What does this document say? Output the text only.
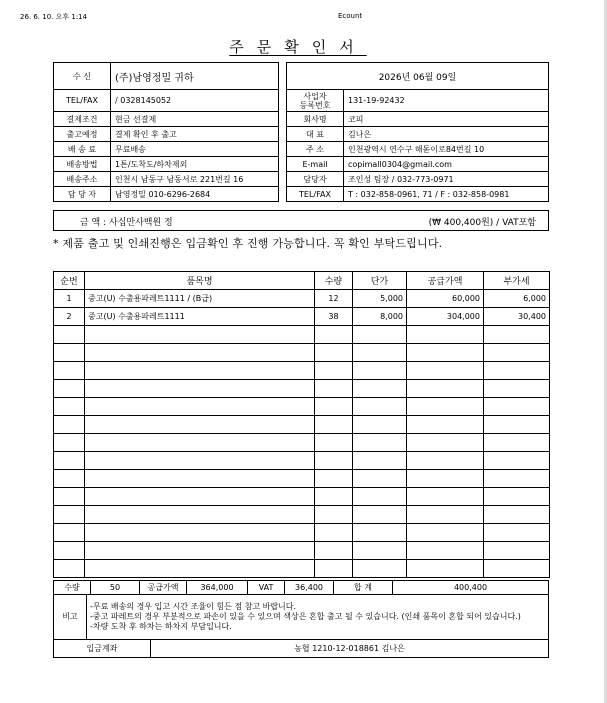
26. 6. 10. 오후 1:14	Ecount
주문확인서
수 신	(주)남영정밀 귀하
TEL/FAX	/ 0328145052
결제조건	현금 선결제
출고예정	결제 확인 후 출고
배 송 료	무료배송
배송방법	1톤/도착도/하차제외
배송주소	인천시 남동구 남동서로 221번길 16
담 당 자	남영정밀 010-6296-2684
2026년 06월 09일	
사업자
등록번호	131-19-92432
회사명	코피
대 표	김나은
주 소	인천광역시 연수구 해돋이로84번길 10
E-mail	copimall0304@gmail.com
담당자	조인성 팀장 / 032-773-0971
TEL/FAX	T : 032-858-0961, 71 / F : 032-858-0981
금 액 : 사십만사백원 정	(₩ 400,400원) / VAT포함
* 제품 출고 및 인쇄진행은 입금확인 후 진행 가능합니다. 꼭 확인 부탁드립니다.
순번	품목명	수량	단가	공급가액	부가세
1	중고(U) 수출용파레트1111 / (B급)	12	5,000	60,000	6,000
2	중고(U) 수출용파레트1111	38	8,000	304,000	30,400

수량	50	공급가액	364,000	VAT	36,400	합 계	400,400
비고	
-무료 배송의 경우 입고 시간 조율이 힘든 점 참고 바랍니다.
-중고 파레트의 경우 부분적으로 파손이 있을 수 있으며 색상은 혼합 출고 될 수 있습니다. (인쇄 품목이 혼합 되어 있습니다.)
-차량 도착 후 하차는 하차지 부담입니다.
입금계좌	농협 1210-12-018861 김나은
